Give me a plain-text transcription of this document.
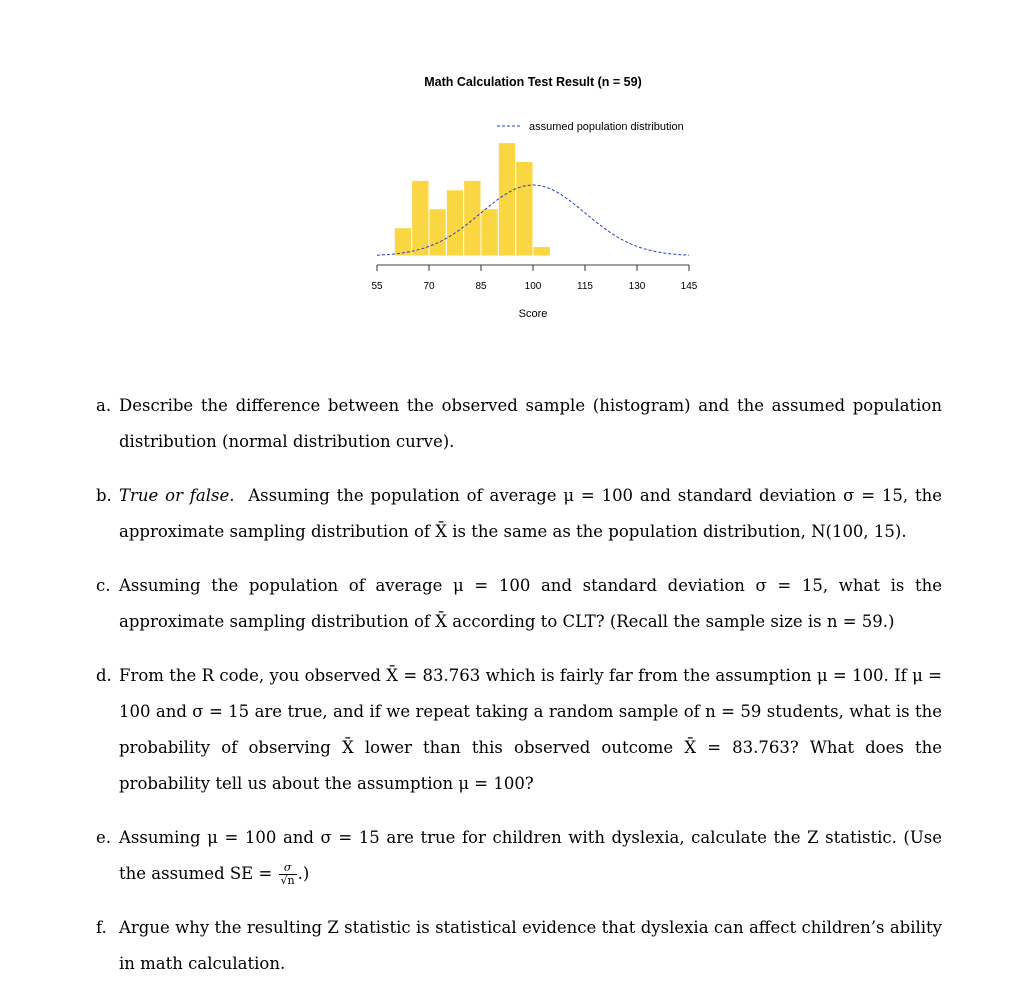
Math Calculation Test Result (n = 59)
assumed population distribution
55	70	85	100	115	130	145
Score
a. Describe the difference between the observed sample (histogram) and the assumed population distribution (normal distribution curve).
b. True or false. Assuming the population of average μ = 100 and standard deviation σ = 15, the approximate sampling distribution of X̄ is the same as the population distribution, N(100, 15).
c. Assuming the population of average μ = 100 and standard deviation σ = 15, what is the approximate sampling distribution of X̄ according to CLT? (Recall the sample size is n = 59.)
d. From the R code, you observed X̄ = 83.763 which is fairly far from the assumption μ = 100. If μ = 100 and σ = 15 are true, and if we repeat taking a random sample of n = 59 students, what is the probability of observing X̄ lower than this observed outcome X̄ = 83.763? What does the probability tell us about the assumption μ = 100?
e. Assuming μ = 100 and σ = 15 are true for children with dyslexia, calculate the Z statistic. (Use the assumed SE = $\frac{\sigma}{√n}$ .)
f. Argue why the resulting Z statistic is statistical evidence that dyslexia can affect children’s ability in math calculation.
